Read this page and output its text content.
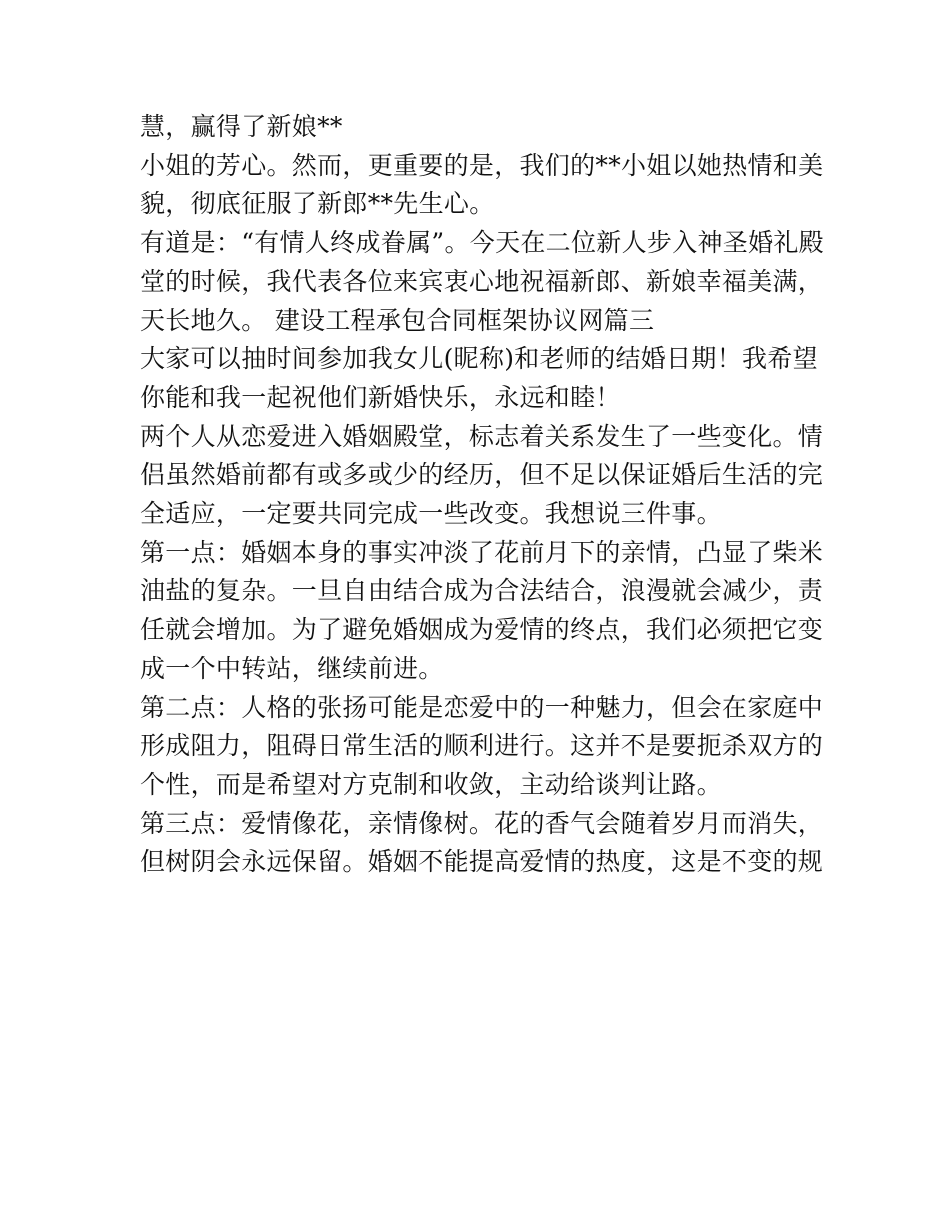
慧，赢得了新娘**
小姐的芳心。然而，更重要的是，我们的**小姐以她热情和美
貌，彻底征服了新郎**先生心。
有道是：“有情人终成眷属”。今天在二位新人步入神圣婚礼殿
堂的时候，我代表各位来宾衷心地祝福新郎、新娘幸福美满，
天长地久。 建设工程承包合同框架协议网篇三
大家可以抽时间参加我女儿(昵称)和老师的结婚日期！我希望
你能和我一起祝他们新婚快乐，永远和睦！
两个人从恋爱进入婚姻殿堂，标志着关系发生了一些变化。情
侣虽然婚前都有或多或少的经历，但不足以保证婚后生活的完
全适应，一定要共同完成一些改变。我想说三件事。
第一点：婚姻本身的事实冲淡了花前月下的亲情，凸显了柴米
油盐的复杂。一旦自由结合成为合法结合，浪漫就会减少，责
任就会增加。为了避免婚姻成为爱情的终点，我们必须把它变
成一个中转站，继续前进。
第二点：人格的张扬可能是恋爱中的一种魅力，但会在家庭中
形成阻力，阻碍日常生活的顺利进行。这并不是要扼杀双方的
个性，而是希望对方克制和收敛，主动给谈判让路。
第三点：爱情像花，亲情像树。花的香气会随着岁月而消失，
但树阴会永远保留。婚姻不能提高爱情的热度，这是不变的规
